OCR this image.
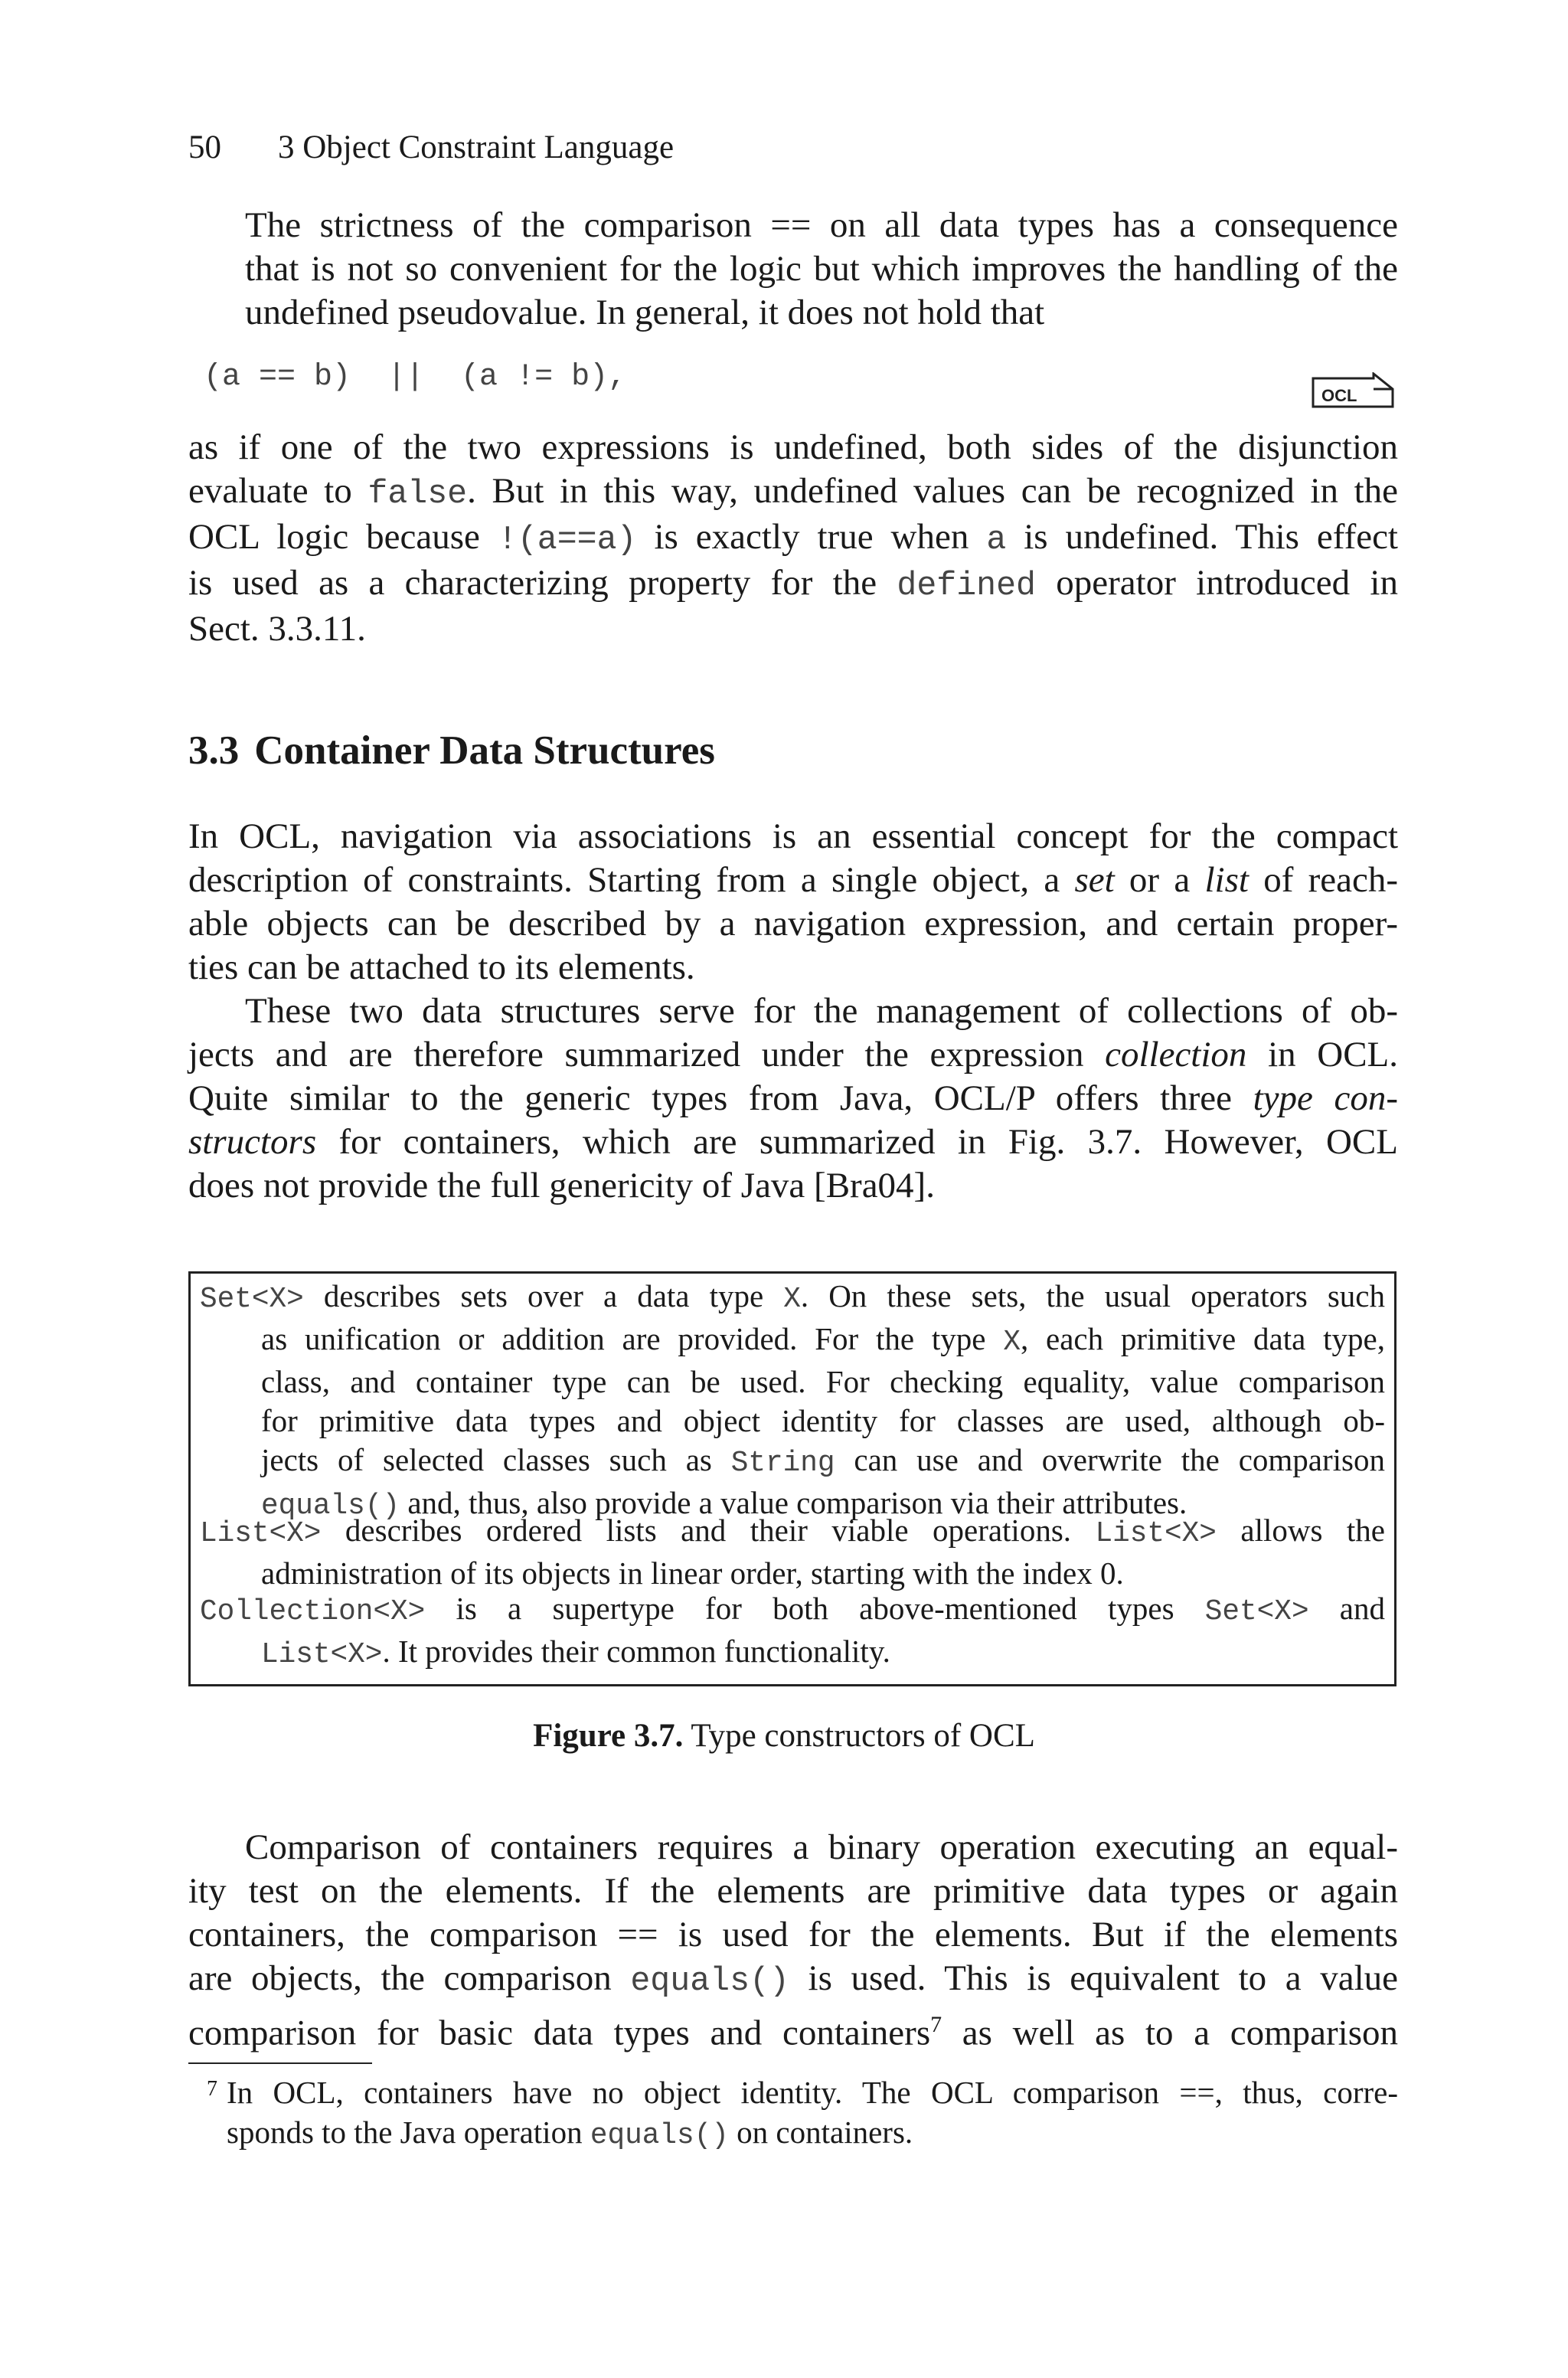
50 3 Object Constraint Language

The strictness of the comparison == on all data types has a consequence
that is not so convenient for the logic but which improves the handling of the
undefined pseudovalue. In general, it does not hold that

(a == b)  ||  (a != b),
OCL

as if one of the two expressions is undefined, both sides of the disjunction
evaluate to false. But in this way, undefined values can be recognized in the
OCL logic because !(a==a) is exactly true when a is undefined. This effect
is used as a characterizing property for the defined operator introduced in
Sect. 3.3.11.

3.3 Container Data Structures

In OCL, navigation via associations is an essential concept for the compact
description of constraints. Starting from a single object, a set or a list of reach-
able objects can be described by a navigation expression, and certain proper-
ties can be attached to its elements.

These two data structures serve for the management of collections of ob-
jects and are therefore summarized under the expression collection in OCL.
Quite similar to the generic types from Java, OCL/P offers three type con-
structors for containers, which are summarized in Fig. 3.7. However, OCL
does not provide the full genericity of Java [Bra04].

Set<X> describes sets over a data type X. On these sets, the usual operators such
as unification or addition are provided. For the type X, each primitive data type,
class, and container type can be used. For checking equality, value comparison
for primitive data types and object identity for classes are used, although ob-
jects of selected classes such as String can use and overwrite the comparison
equals() and, thus, also provide a value comparison via their attributes.

List<X> describes ordered lists and their viable operations. List<X> allows the
administration of its objects in linear order, starting with the index 0.

Collection<X> is a supertype for both above-mentioned types Set<X> and
List<X>. It provides their common functionality.

Figure 3.7. Type constructors of OCL

Comparison of containers requires a binary operation executing an equal-
ity test on the elements. If the elements are primitive data types or again
containers, the comparison == is used for the elements. But if the elements
are objects, the comparison equals() is used. This is equivalent to a value
comparison for basic data types and containers$^7$ as well as to a comparison

7 In OCL, containers have no object identity. The OCL comparison ==, thus, corre-
sponds to the Java operation equals() on containers.
